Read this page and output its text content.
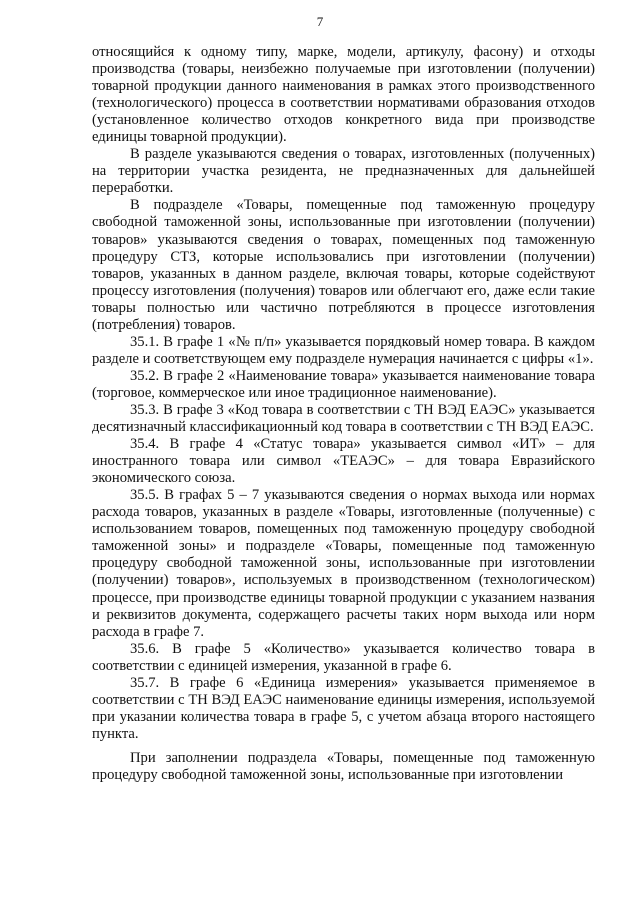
7

относящийся к одному типу, марке, модели, артикулу, фасону) и отходы производства (товары, неизбежно получаемые при изготовлении (получении) товарной продукции данного наименования в рамках этого производственного (технологического) процесса в соответствии нормативами образования отходов (установленное количество отходов конкретного вида при производстве единицы товарной продукции).

В разделе указываются сведения о товарах, изготовленных (полученных) на территории участка резидента, не предназначенных для дальнейшей переработки.

В подразделе «Товары, помещенные под таможенную процедуру свободной таможенной зоны, использованные при изготовлении (получении) товаров» указываются сведения о товарах, помещенных под таможенную процедуру СТЗ, которые использовались при изготовлении (получении) товаров, указанных в данном разделе, включая товары, которые содействуют процессу изготовления (получения) товаров или облегчают его, даже если такие товары полностью или частично потребляются в процессе изготовления (потребления) товаров.

35.1. В графе 1 «№ п/п» указывается порядковый номер товара. В каждом разделе и соответствующем ему подразделе нумерация начинается с цифры «1».

35.2. В графе 2 «Наименование товара» указывается наименование товара (торговое, коммерческое или иное традиционное наименование).

35.3. В графе 3 «Код товара в соответствии с ТН ВЭД ЕАЭС» указывается десятизначный классификационный код товара в соответствии с ТН ВЭД ЕАЭС.

35.4. В графе 4 «Статус товара» указывается символ «ИТ» – для иностранного товара или символ «ТЕАЭС» – для товара Евразийского экономического союза.

35.5. В графах 5 – 7 указываются сведения о нормах выхода или нормах расхода товаров, указанных в разделе «Товары, изготовленные (полученные) с использованием товаров, помещенных под таможенную процедуру свободной таможенной зоны» и подразделе «Товары, помещенные под таможенную процедуру свободной таможенной зоны, использованные при изготовлении (получении) товаров», используемых в производственном (технологическом) процессе, при производстве единицы товарной продукции с указанием названия и реквизитов документа, содержащего расчеты таких норм выхода или норм расхода в графе 7.

35.6. В графе 5 «Количество» указывается количество товара в соответствии с единицей измерения, указанной в графе 6.

35.7. В графе 6 «Единица измерения» указывается применяемое в соответствии с ТН ВЭД ЕАЭС наименование единицы измерения, используемой при указании количества товара в графе 5, с учетом абзаца второго настоящего пункта.

При заполнении подраздела «Товары, помещенные под таможенную процедуру свободной таможенной зоны, использованные при изготовлении
